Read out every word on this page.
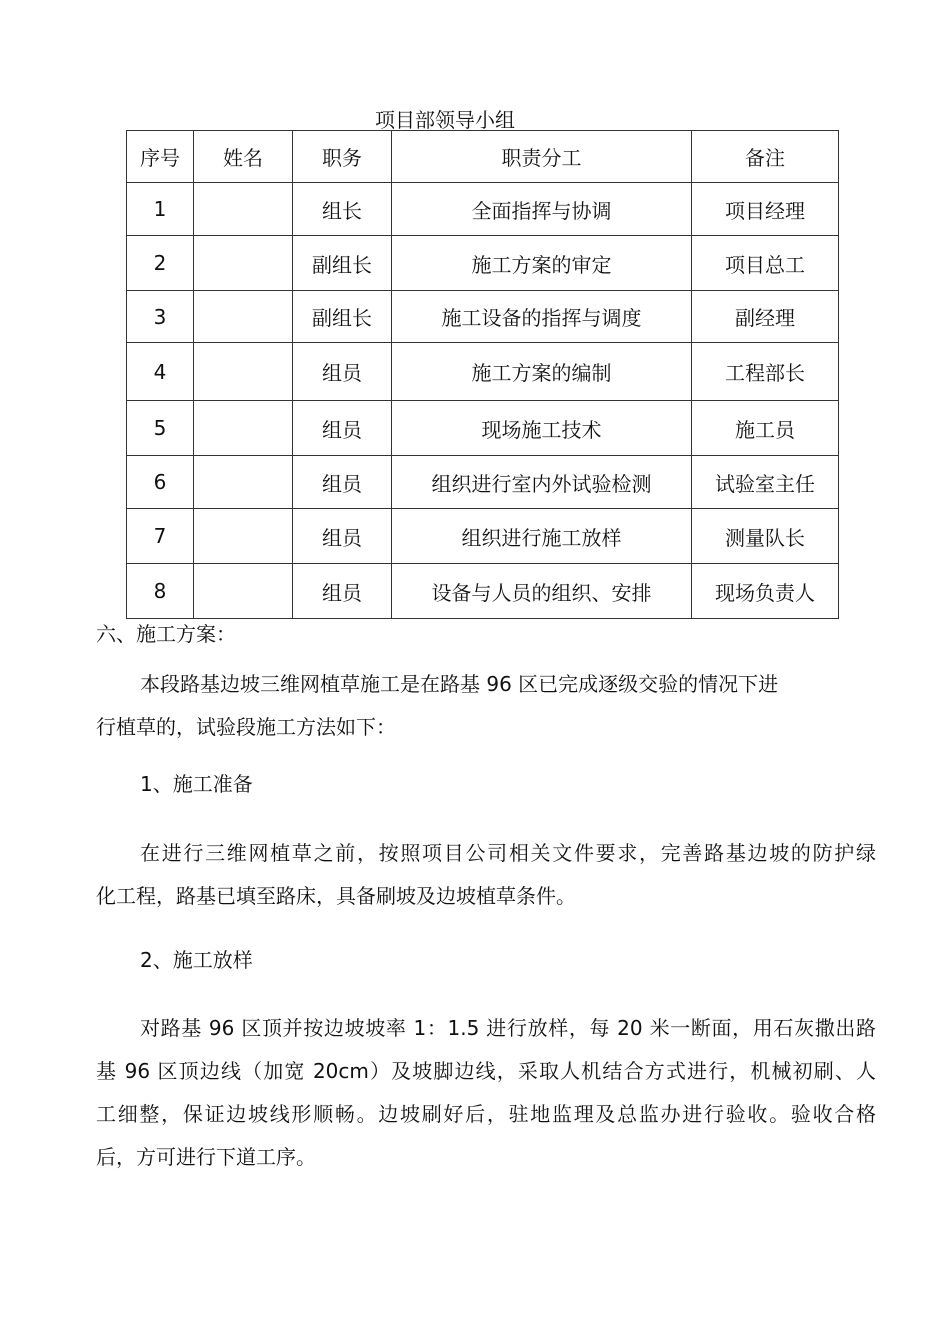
项目部领导小组
序号	姓名	职务	职责分工	备注
1		组长	全面指挥与协调	项目经理
2		副组长	施工方案的审定	项目总工
3		副组长	施工设备的指挥与调度	副经理
4		组员	施工方案的编制	工程部长
5		组员	现场施工技术	施工员
6		组员	组织进行室内外试验检测	试验室主任
7		组员	组织进行施工放样	测量队长
8		组员	设备与人员的组织、安排	现场负责人
六、施工方案：
本段路基边坡三维网植草施工是在路基 96 区已完成逐级交验的情况下进
行植草的，试验段施工方法如下：
1、施工准备
在进行三维网植草之前，按照项目公司相关文件要求，完善路基边坡的防护绿
化工程，路基已填至路床，具备刷坡及边坡植草条件。
2、施工放样
对路基 96 区顶并按边坡坡率 1：1.5 进行放样，每 20 米一断面，用石灰撒出路
基 96 区顶边线（加宽 20cm）及坡脚边线，采取人机结合方式进行，机械初刷、人
工细整，保证边坡线形顺畅。边坡刷好后，驻地监理及总监办进行验收。验收合格
后，方可进行下道工序。
